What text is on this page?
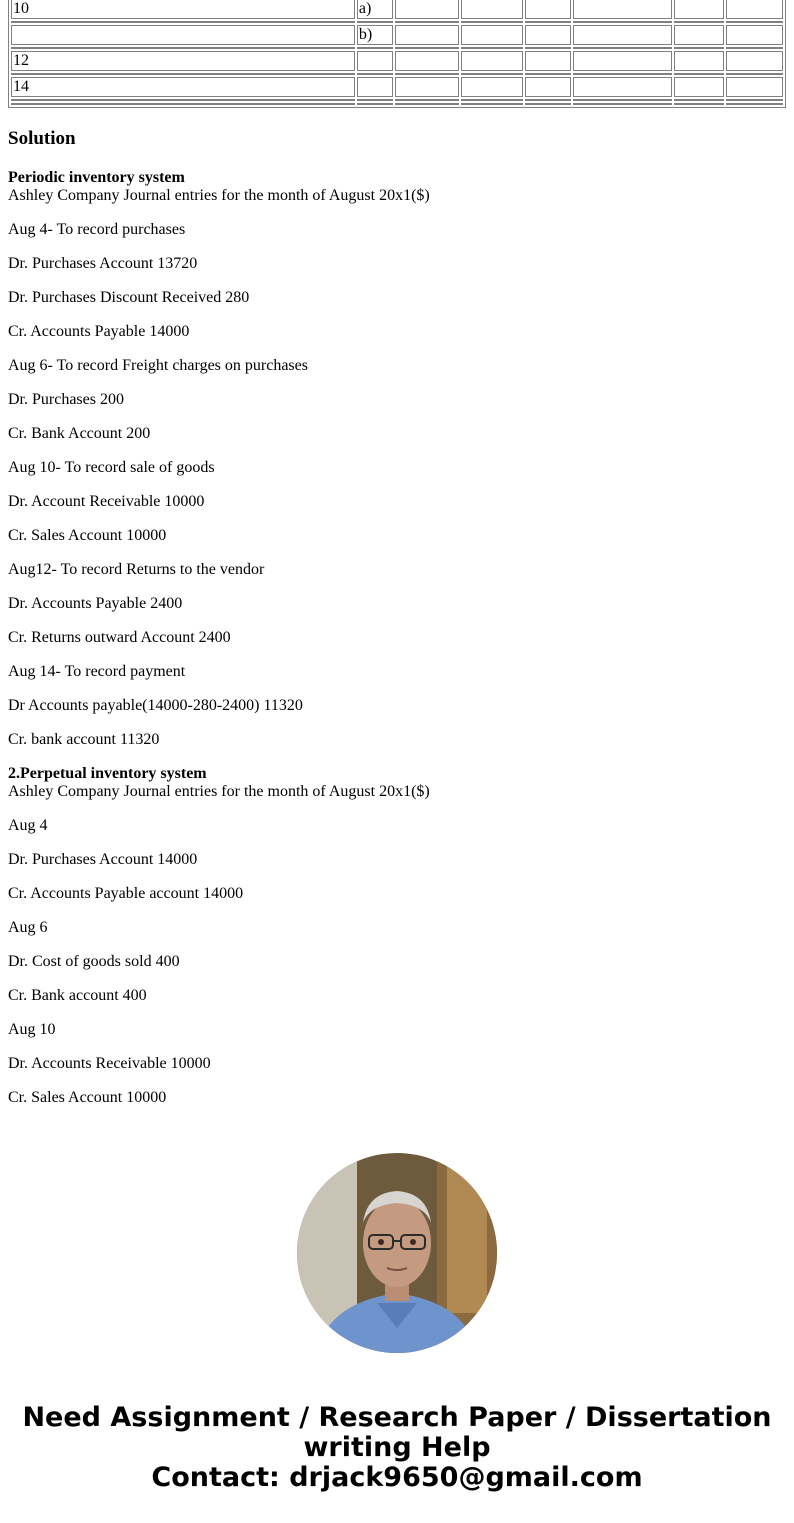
10	a)						

	b)						

12							

14							

Solution
Periodic inventory system
Ashley Company Journal entries for the month of August 20x1($)

Aug 4- To record purchases

Dr. Purchases Account 13720

Dr. Purchases Discount Received 280

Cr. Accounts Payable 14000

Aug 6- To record Freight charges on purchases

Dr. Purchases 200

Cr. Bank Account 200

Aug 10- To record sale of goods

Dr. Account Receivable 10000

Cr. Sales Account 10000

Aug12- To record Returns to the vendor

Dr. Accounts Payable 2400

Cr. Returns outward Account 2400

Aug 14- To record payment

Dr Accounts payable(14000-280-2400) 11320

Cr. bank account 11320

2.Perpetual inventory system
Ashley Company Journal entries for the month of August 20x1($)

Aug 4

Dr. Purchases Account 14000

Cr. Accounts Payable account 14000

Aug 6

Dr. Cost of goods sold 400

Cr. Bank account 400

Aug 10

Dr. Accounts Receivable 10000

Cr. Sales Account 10000

Need Assignment / Research Paper / Dissertation
writing Help
Contact: drjack9650@gmail.com
